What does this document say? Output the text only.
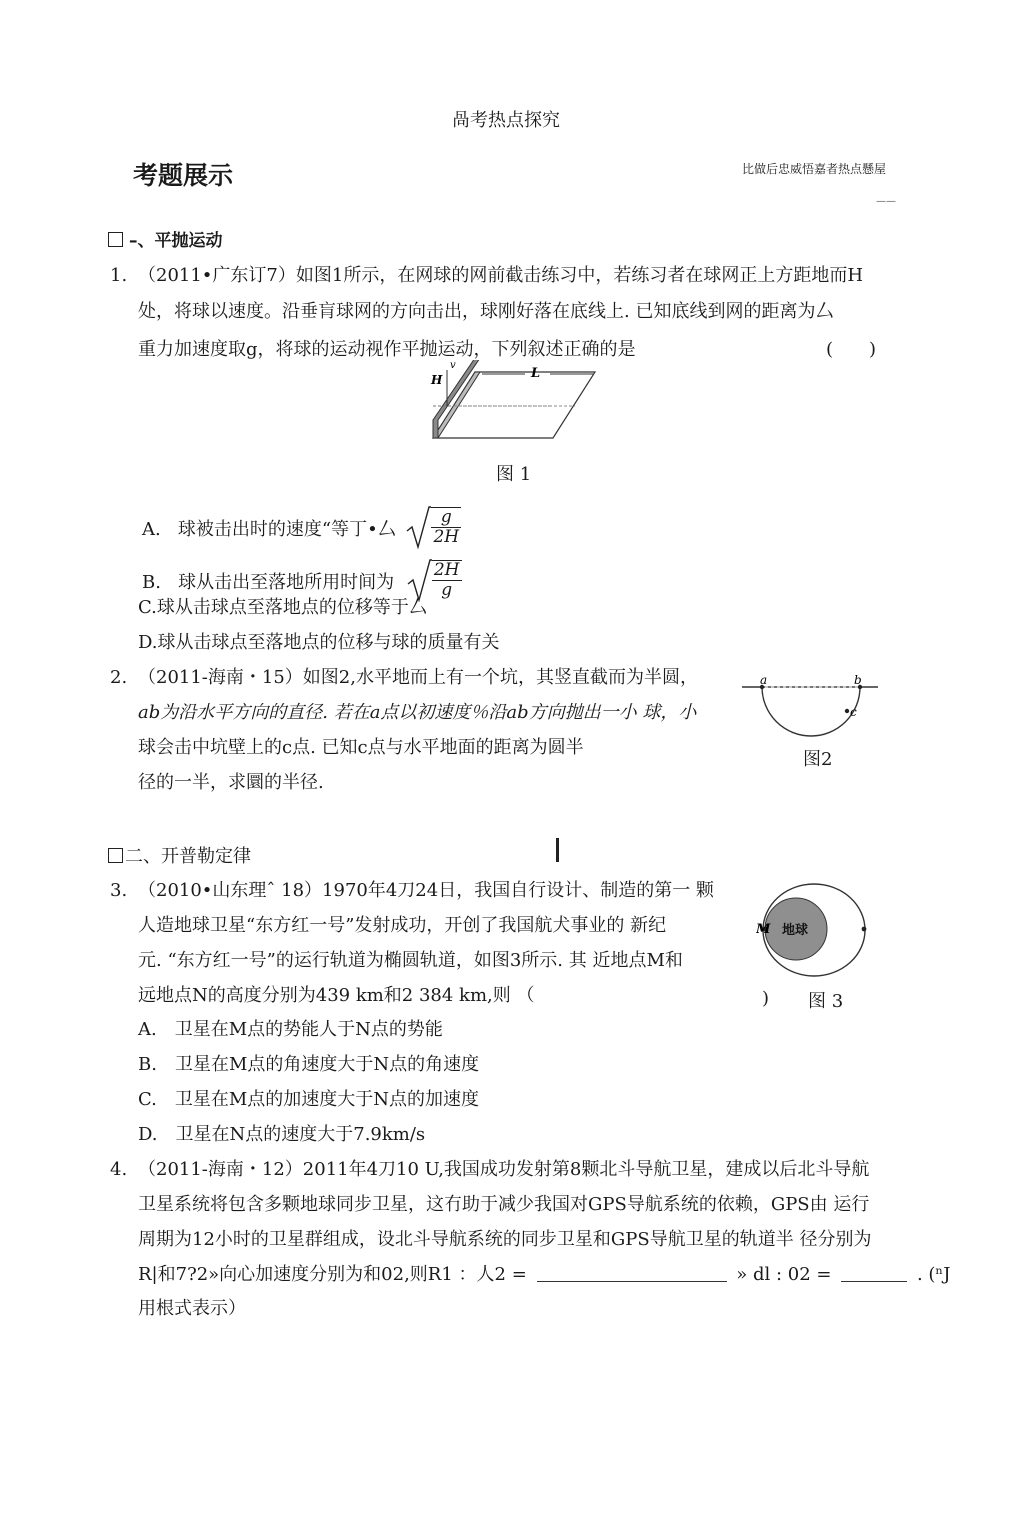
咼考热点探究
考题展示	比做后忠威悟嘉者热点懸屋
——
–、平抛运动
1. （2011•广东订7）如图1所示，在网球的网前截击练习中，若练习者在球网正上方距地而H
处，将球以速度。沿垂肓球网的方向击出，球刚好落在底线上. 已知底线到网的距离为厶
重力加速度取g，将球的运动视作平抛运动，下列叙述正确的是	(　　)
H
v
L
图 1
A. 球被击出时的速度“等丁•厶 $\frac{g}{2H}$
B. 球从击出至落地所用时间为 $\frac{2H}{g}$
C.球从击球点至落地点的位移等于厶
D.球从击球点至落地点的位移与球的质量有关
2. （2011-海南・15）如图2,水平地而上有一个坑，其竖直截而为半圆，
ab为沿水平方向的直径. 若在a点以初速度％沿ab方向抛出一小 球，小
球会击中坑壁上的c点. 已知c点与水平地面的距离为圆半
径的一半，求圜的半径.
a	b
c
图2
二、开普勒定律
3. （2010•山东理ˆ 18）1970年4刀24日，我国自行设计、制造的第一 颗
人造地球卫星“东方红一号”发射成功，开创了我国航犬事业的 新纪
元. “东方红一号”的运行轨道为椭圆轨道，如图3所示. 其 近地点M和
远地点Ν的高度分别为439 km和2 384 km,则 （	)
M 地球
图 3
A.　卫星在M点的势能人于N点的势能
B.　卫星在M点的角速度大于N点的角速度
C.　卫星在M点的加速度大于N点的加速度
D.　卫星在N点的速度大于7.9km/s
4. （2011-海南・12）2011年4刀10 U,我国成功发射第8颗北斗导航卫星，建成以后北斗导航
卫星系统将包含多颗地球同步卫星，这冇助于减少我国对GPS导航系统的依赖，GPS由 运行
周期为12小时的卫星群组成，设北斗导航系统的同步卫星和GPS导航卫星的轨道半 径分别为
R|和7?2»向心加速度分别为和02,则R1 ：人2 =	» dl : 02 =	. (ⁿJ
用根式表示）
